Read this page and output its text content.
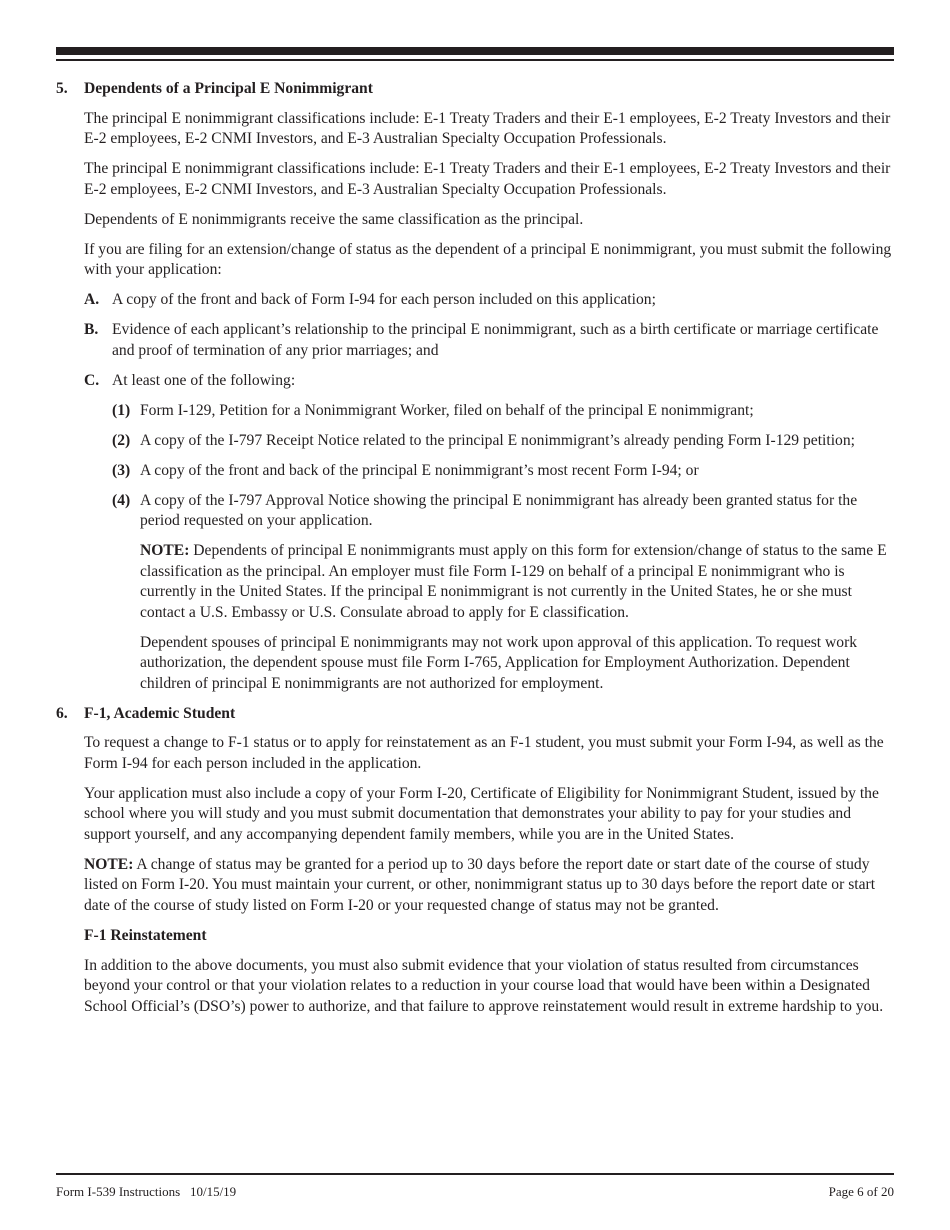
5. Dependents of a Principal E Nonimmigrant

The principal E nonimmigrant classifications include: E-1 Treaty Traders and their E-1 employees, E-2 Treaty Investors and their E-2 employees, E-2 CNMI Investors, and E-3 Australian Specialty Occupation Professionals.

The principal E nonimmigrant classifications include: E-1 Treaty Traders and their E-1 employees, E-2 Treaty Investors and their E-2 employees, E-2 CNMI Investors, and E-3 Australian Specialty Occupation Professionals.

Dependents of E nonimmigrants receive the same classification as the principal.

If you are filing for an extension/change of status as the dependent of a principal E nonimmigrant, you must submit the following with your application:

A. A copy of the front and back of Form I-94 for each person included on this application;
B. Evidence of each applicant’s relationship to the principal E nonimmigrant, such as a birth certificate or marriage certificate and proof of termination of any prior marriages; and
C. At least one of the following:
(1) Form I-129, Petition for a Nonimmigrant Worker, filed on behalf of the principal E nonimmigrant;
(2) A copy of the I-797 Receipt Notice related to the principal E nonimmigrant’s already pending Form I-129 petition;
(3) A copy of the front and back of the principal E nonimmigrant’s most recent Form I-94; or
(4) A copy of the I-797 Approval Notice showing the principal E nonimmigrant has already been granted status for the period requested on your application.

NOTE: Dependents of principal E nonimmigrants must apply on this form for extension/change of status to the same E classification as the principal. An employer must file Form I-129 on behalf of a principal E nonimmigrant who is currently in the United States. If the principal E nonimmigrant is not currently in the United States, he or she must contact a U.S. Embassy or U.S. Consulate abroad to apply for E classification.

Dependent spouses of principal E nonimmigrants may not work upon approval of this application. To request work authorization, the dependent spouse must file Form I-765, Application for Employment Authorization. Dependent children of principal E nonimmigrants are not authorized for employment.

6. F-1, Academic Student

To request a change to F-1 status or to apply for reinstatement as an F-1 student, you must submit your Form I-94, as well as the Form I-94 for each person included in the application.

Your application must also include a copy of your Form I-20, Certificate of Eligibility for Nonimmigrant Student, issued by the school where you will study and you must submit documentation that demonstrates your ability to pay for your studies and support yourself, and any accompanying dependent family members, while you are in the United States.

NOTE: A change of status may be granted for a period up to 30 days before the report date or start date of the course of study listed on Form I-20. You must maintain your current, or other, nonimmigrant status up to 30 days before the report date or start date of the course of study listed on Form I-20 or your requested change of status may not be granted.

F-1 Reinstatement

In addition to the above documents, you must also submit evidence that your violation of status resulted from circumstances beyond your control or that your violation relates to a reduction in your course load that would have been within a Designated School Official’s (DSO’s) power to authorize, and that failure to approve reinstatement would result in extreme hardship to you.

Form I-539 Instructions   10/15/19	Page 6 of 20
